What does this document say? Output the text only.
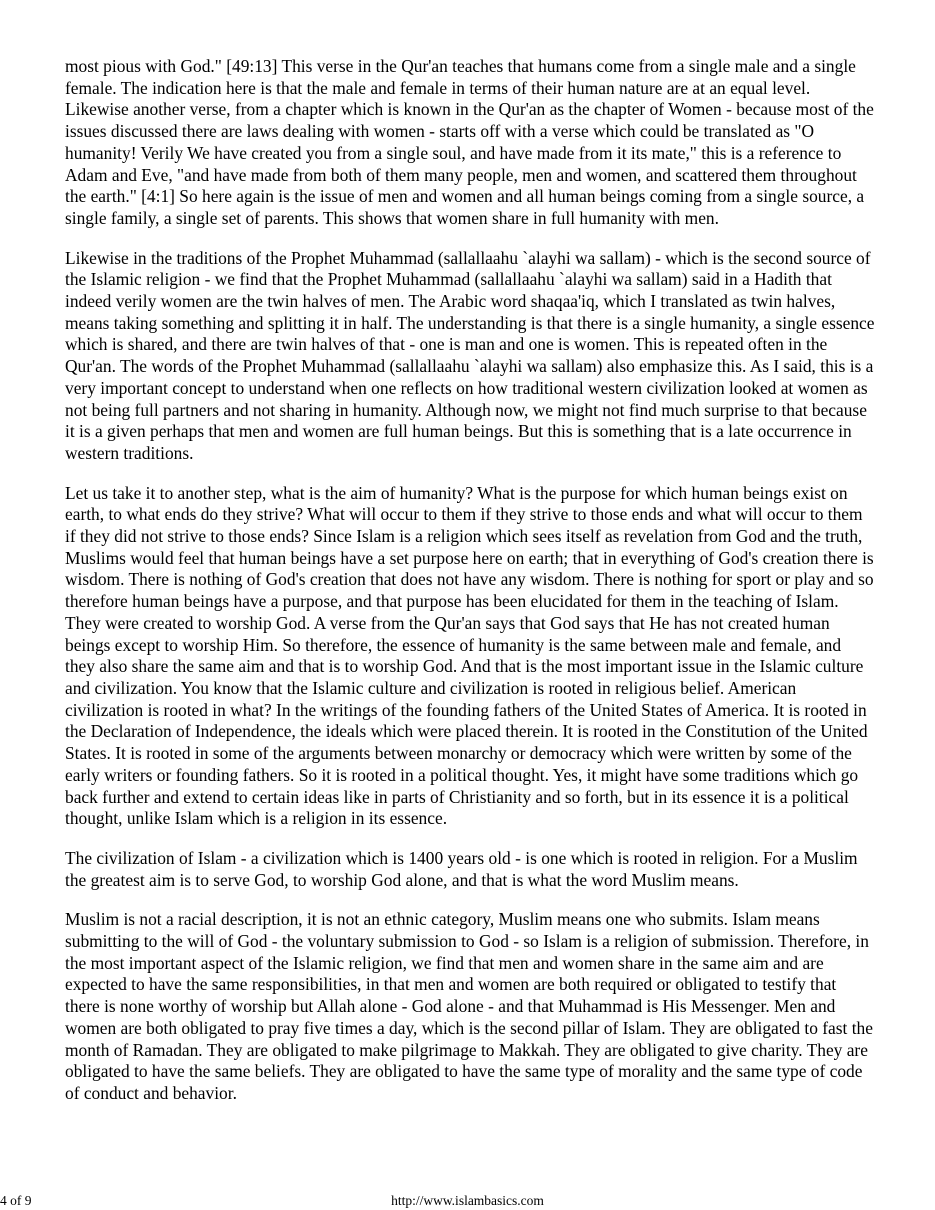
most pious with God." [49:13] This verse in the Qur'an teaches that humans come from a single male and a single female. The indication here is that the male and female in terms of their human nature are at an equal level. Likewise another verse, from a chapter which is known in the Qur'an as the chapter of Women - because most of the issues discussed there are laws dealing with women - starts off with a verse which could be translated as "O humanity! Verily We have created you from a single soul, and have made from it its mate," this is a reference to Adam and Eve, "and have made from both of them many people, men and women, and scattered them throughout the earth." [4:1] So here again is the issue of men and women and all human beings coming from a single source, a single family, a single set of parents. This shows that women share in full humanity with men.

Likewise in the traditions of the Prophet Muhammad (sallallaahu `alayhi wa sallam) - which is the second source of the Islamic religion - we find that the Prophet Muhammad (sallallaahu `alayhi wa sallam) said in a Hadith that indeed verily women are the twin halves of men. The Arabic word shaqaa'iq, which I translated as twin halves, means taking something and splitting it in half. The understanding is that there is a single humanity, a single essence which is shared, and there are twin halves of that - one is man and one is women. This is repeated often in the Qur'an. The words of the Prophet Muhammad (sallallaahu `alayhi wa sallam) also emphasize this. As I said, this is a very important concept to understand when one reflects on how traditional western civilization looked at women as not being full partners and not sharing in humanity. Although now, we might not find much surprise to that because it is a given perhaps that men and women are full human beings. But this is something that is a late occurrence in western traditions.

Let us take it to another step, what is the aim of humanity? What is the purpose for which human beings exist on earth, to what ends do they strive? What will occur to them if they strive to those ends and what will occur to them if they did not strive to those ends? Since Islam is a religion which sees itself as revelation from God and the truth, Muslims would feel that human beings have a set purpose here on earth; that in everything of God's creation there is wisdom. There is nothing of God's creation that does not have any wisdom. There is nothing for sport or play and so therefore human beings have a purpose, and that purpose has been elucidated for them in the teaching of Islam. They were created to worship God. A verse from the Qur'an says that God says that He has not created human beings except to worship Him. So therefore, the essence of humanity is the same between male and female, and they also share the same aim and that is to worship God. And that is the most important issue in the Islamic culture and civilization. You know that the Islamic culture and civilization is rooted in religious belief. American civilization is rooted in what? In the writings of the founding fathers of the United States of America. It is rooted in the Declaration of Independence, the ideals which were placed therein. It is rooted in the Constitution of the United States. It is rooted in some of the arguments between monarchy or democracy which were written by some of the early writers or founding fathers. So it is rooted in a political thought. Yes, it might have some traditions which go back further and extend to certain ideas like in parts of Christianity and so forth, but in its essence it is a political thought, unlike Islam which is a religion in its essence.

The civilization of Islam - a civilization which is 1400 years old - is one which is rooted in religion. For a Muslim the greatest aim is to serve God, to worship God alone, and that is what the word Muslim means.

Muslim is not a racial description, it is not an ethnic category, Muslim means one who submits. Islam means submitting to the will of God - the voluntary submission to God - so Islam is a religion of submission. Therefore, in the most important aspect of the Islamic religion, we find that men and women share in the same aim and are expected to have the same responsibilities, in that men and women are both required or obligated to testify that there is none worthy of worship but Allah alone - God alone - and that Muhammad is His Messenger. Men and women are both obligated to pray five times a day, which is the second pillar of Islam. They are obligated to fast the month of Ramadan. They are obligated to make pilgrimage to Makkah. They are obligated to give charity. They are obligated to have the same beliefs. They are obligated to have the same type of morality and the same type of code of conduct and behavior.

4 of 9	http://www.islambasics.com
